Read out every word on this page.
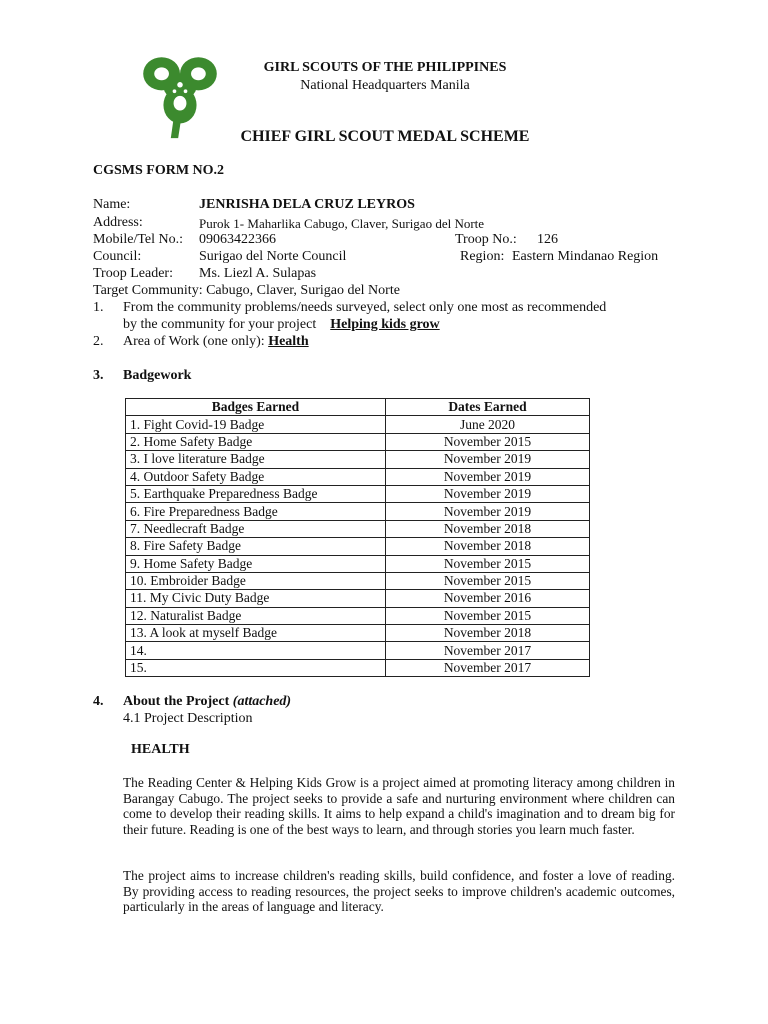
GIRL SCOUTS OF THE PHILIPPINES
National Headquarters Manila
CHIEF GIRL SCOUT MEDAL SCHEME
CGSMS FORM NO.2
Name:	JENRISHA DELA CRUZ LEYROS
Address:	Purok 1- Maharlika Cabugo, Claver, Surigao del Norte
Mobile/Tel No.: 09063422366	Troop No.: 126
Council:	Surigao del Norte Council	Region: Eastern Mindanao Region
Troop Leader: Ms. Liezl A. Sulapas
Target Community: Cabugo, Claver, Surigao del Norte
1. From the community problems/needs surveyed, select only one most as recommended
by the community for your project Helping kids grow
2. Area of Work (one only): Health
3. Badgework
Badges Earned	Dates Earned
1. Fight Covid-19 Badge	June 2020
2. Home Safety Badge	November 2015
3. I love literature Badge	November 2019
4. Outdoor Safety Badge	November 2019
5. Earthquake Preparedness Badge	November 2019
6. Fire Preparedness Badge	November 2019
7. Needlecraft Badge	November 2018
8. Fire Safety Badge	November 2018
9. Home Safety Badge	November 2015
10. Embroider Badge	November 2015
11. My Civic Duty Badge	November 2016
12. Naturalist Badge	November 2015
13. A look at myself Badge	November 2018
14.	November 2017
15.	November 2017
4. About the Project (attached)
4.1 Project Description
HEALTH
The Reading Center & Helping Kids Grow is a project aimed at promoting literacy among children in Barangay Cabugo. The project seeks to provide a safe and nurturing environment where children can come to develop their reading skills. It aims to help expand a child's imagination and to dream big for their future. Reading is one of the best ways to learn, and through stories you learn much faster.
The project aims to increase children's reading skills, build confidence, and foster a love of reading. By providing access to reading resources, the project seeks to improve children's academic outcomes, particularly in the areas of language and literacy.
